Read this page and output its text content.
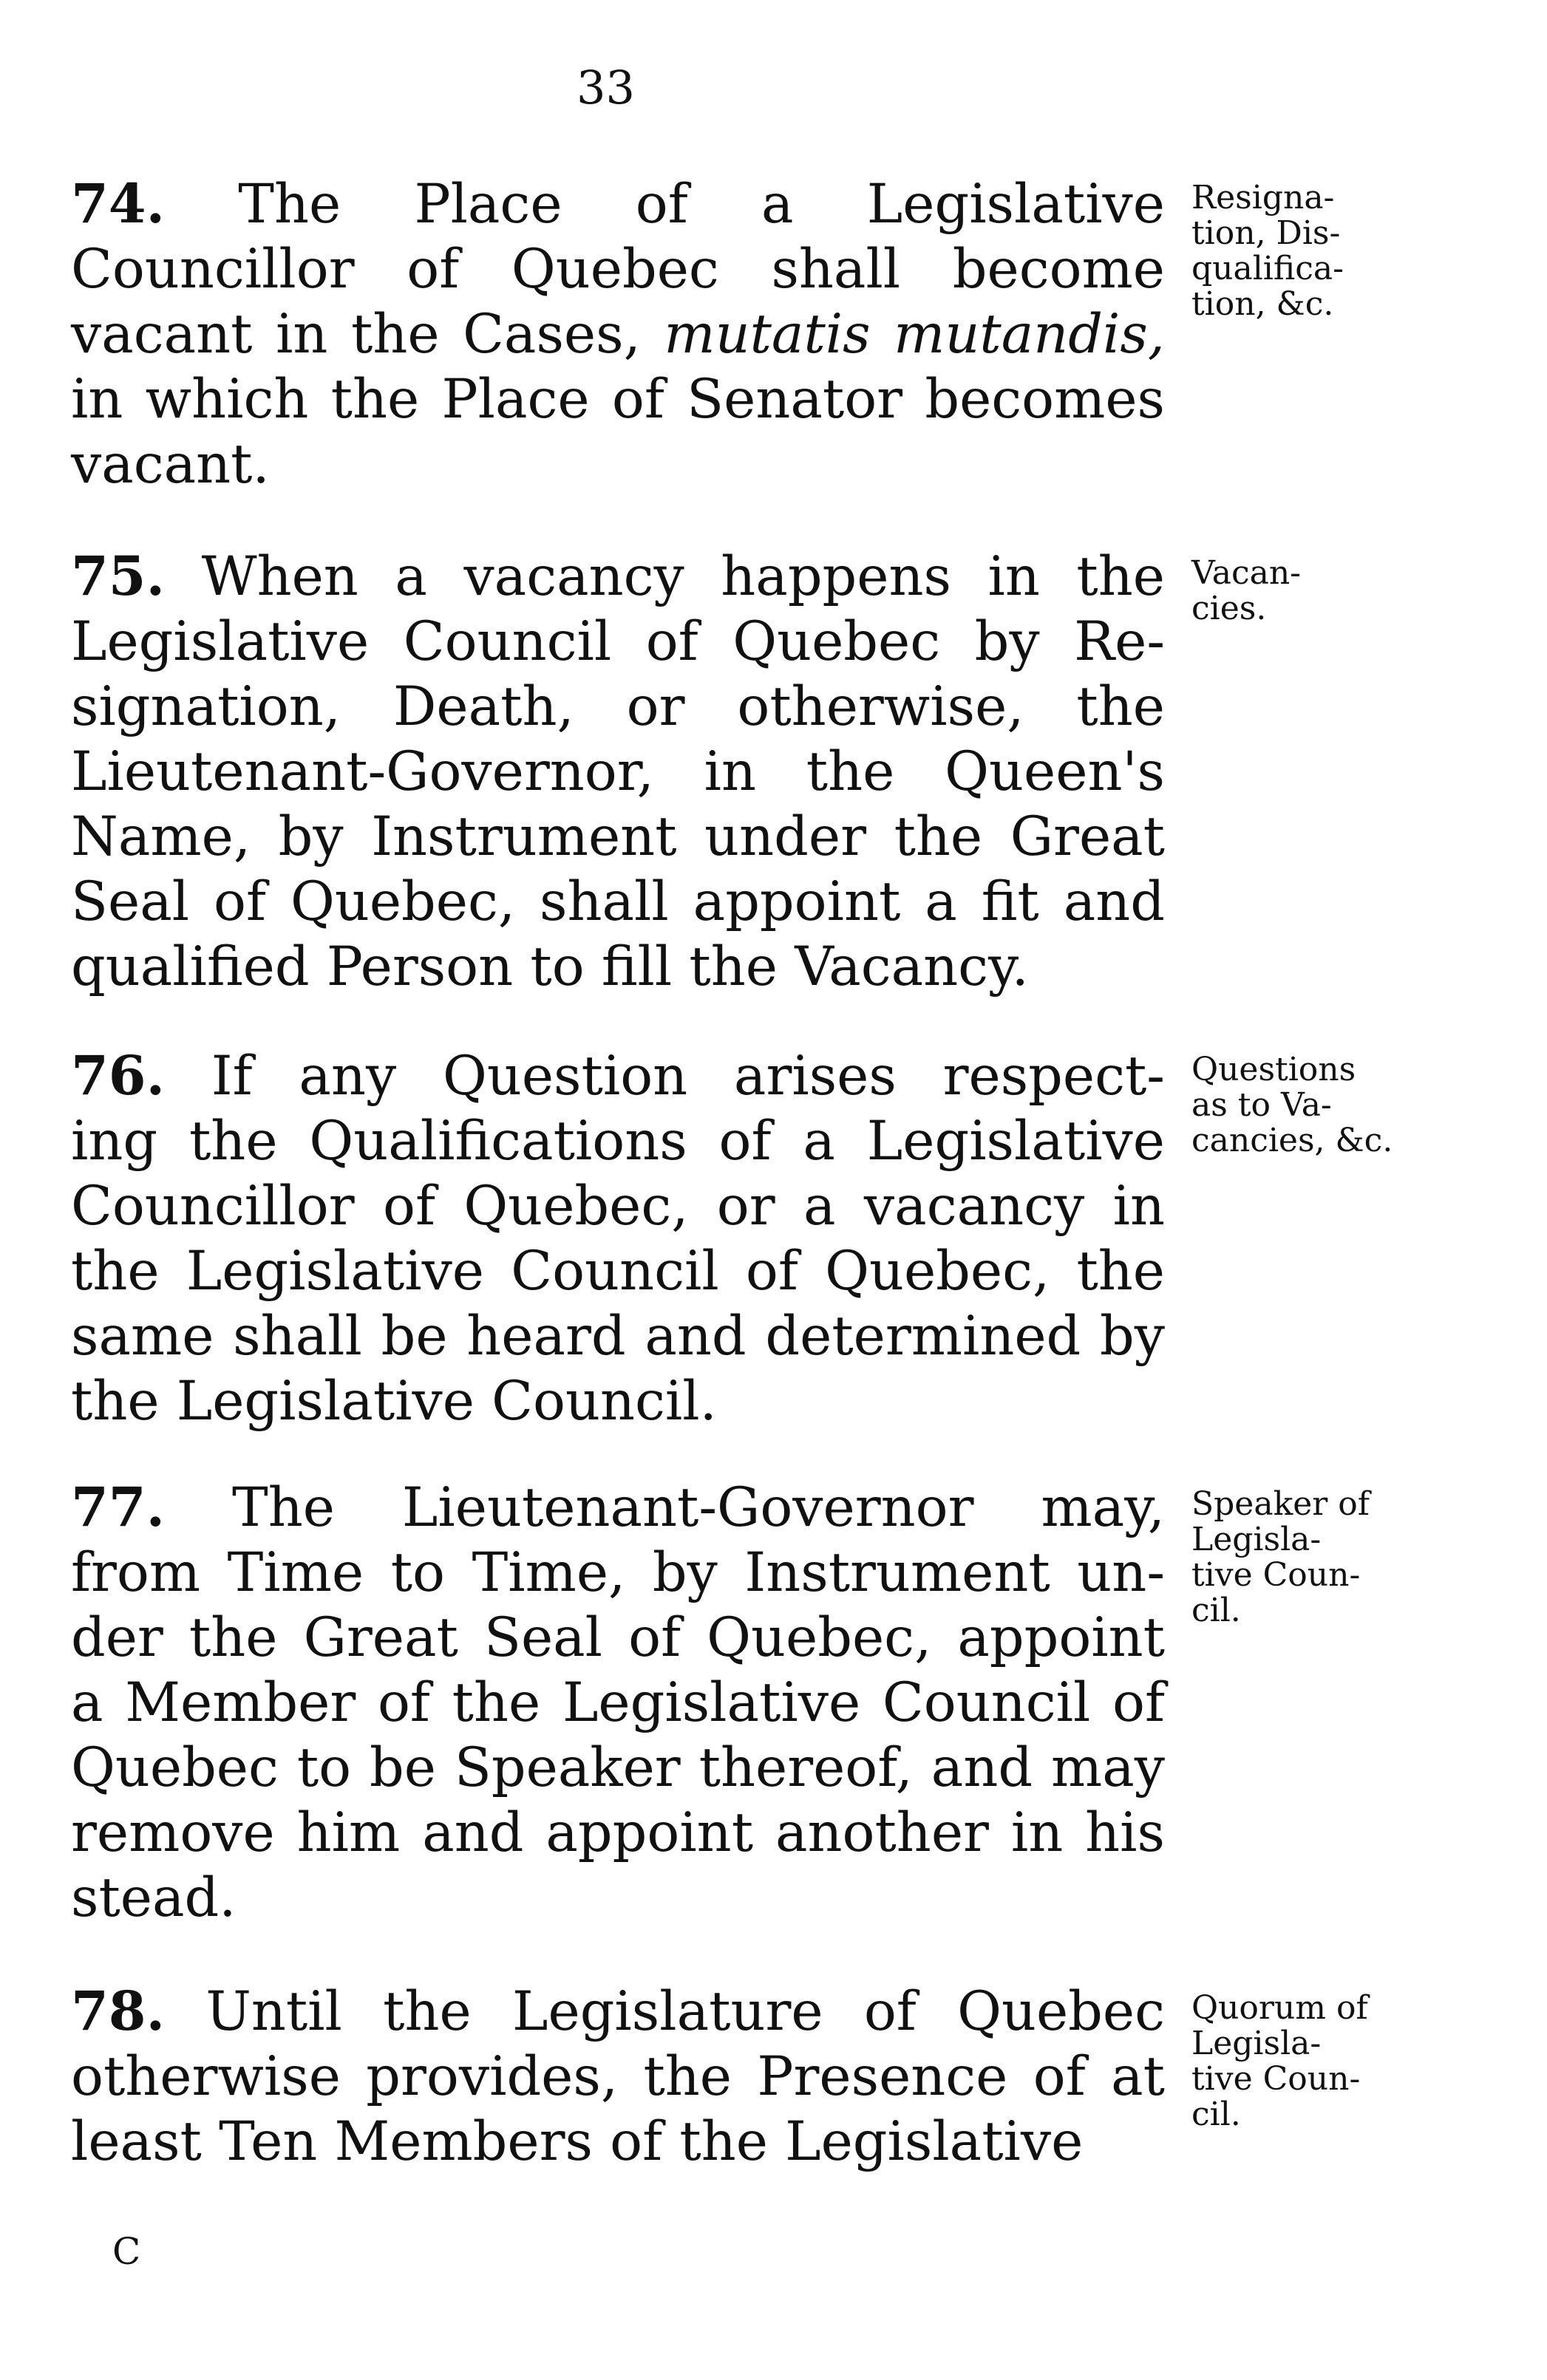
33
74. The Place of a Legislative
Councillor of Quebec shall become
vacant in the Cases, mutatis mutandis,
in which the Place of Senator becomes
vacant.
Resigna-
tion, Dis-
qualifica-
tion, &c.
75. When a vacancy happens in the
Legislative Council of Quebec by Re-
signation, Death, or otherwise, the
Lieutenant-Governor, in the Queen's
Name, by Instrument under the Great
Seal of Quebec, shall appoint a fit and
qualified Person to fill the Vacancy.
Vacan-
cies.
76. If any Question arises respect-
ing the Qualifications of a Legislative
Councillor of Quebec, or a vacancy in
the Legislative Council of Quebec, the
same shall be heard and determined by
the Legislative Council.
Questions
as to Va-
cancies, &c.
77. The Lieutenant-Governor may,
from Time to Time, by Instrument un-
der the Great Seal of Quebec, appoint
a Member of the Legislative Council of
Quebec to be Speaker thereof, and may
remove him and appoint another in his
stead.
Speaker of
Legisla-
tive Coun-
cil.
78. Until the Legislature of Quebec
otherwise provides, the Presence of at
least Ten Members of the Legislative
Quorum of
Legisla-
tive Coun-
cil.
C
